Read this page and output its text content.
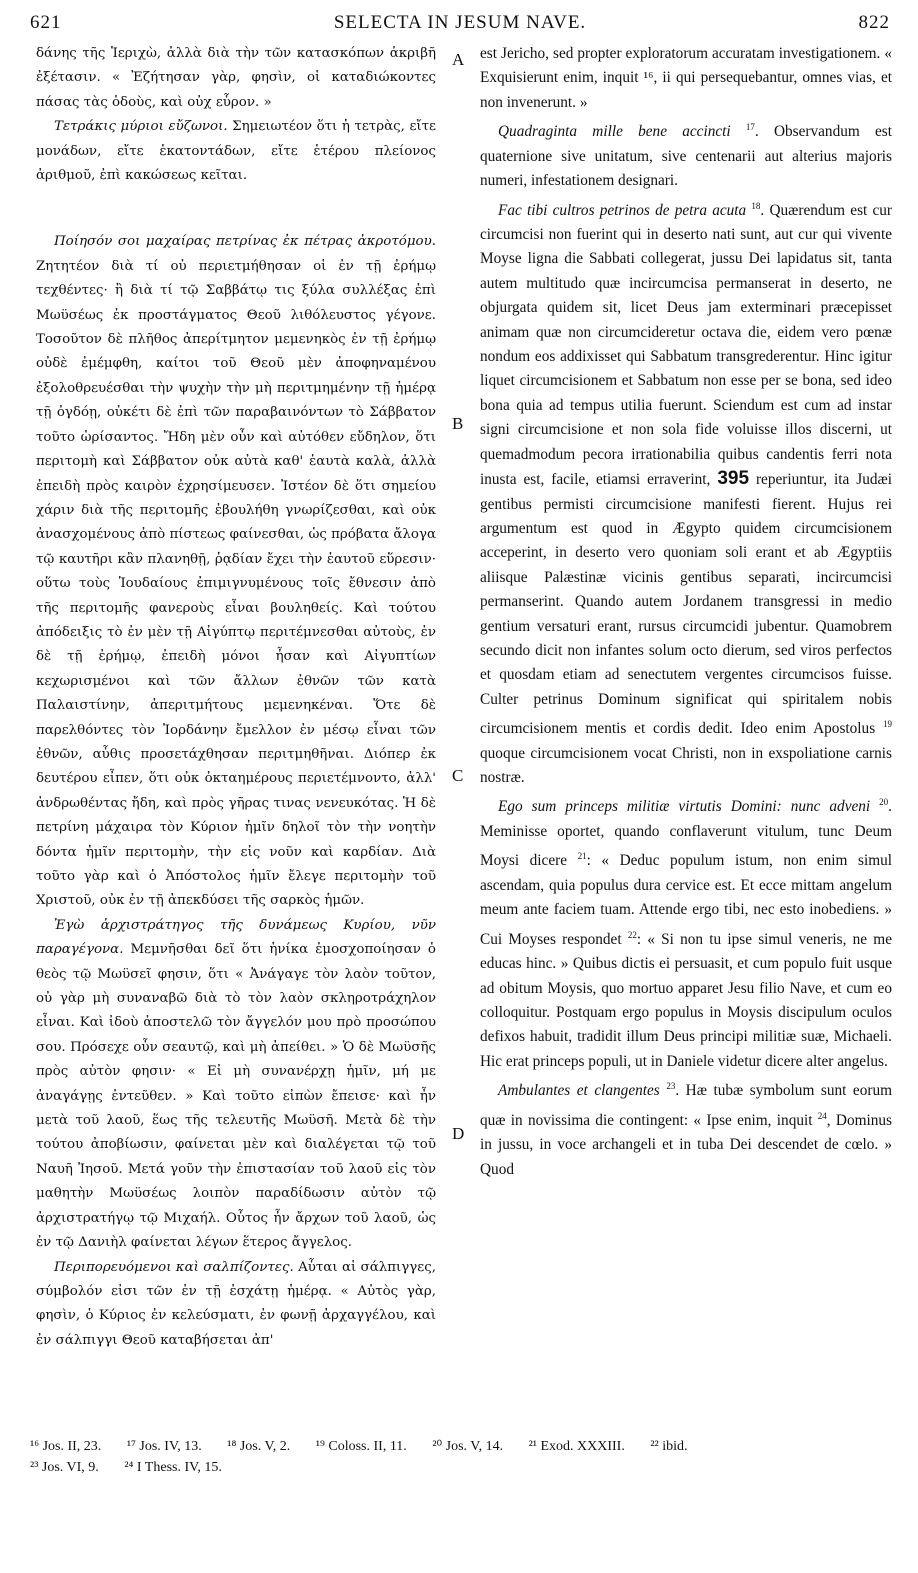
621	SELECTA IN JESUM NAVE.	822
A
B
C
D

δάνης τῆς Ἱεριχὼ, ἀλλὰ διὰ τὴν τῶν κατασκόπων ἀκριβῆ ἐξέτασιν. « Ἐζήτησαν γὰρ, φησὶν, οἱ καταδιώκοντες πάσας τὰς ὁδοὺς, καὶ οὐχ εὗρον. »

Τετράκις μύριοι εὔζωνοι. Σημειωτέον ὅτι ἡ τετρὰς, εἴτε μονάδων, εἴτε ἑκατοντάδων, εἴτε ἑτέρου πλείονος ἀριθμοῦ, ἐπὶ κακώσεως κεῖται.

Ποίησόν σοι μαχαίρας πετρίνας ἐκ πέτρας ἀκροτόμου. Ζητητέον διὰ τί οὐ περιετμήθησαν οἱ ἐν τῇ ἐρήμῳ τεχθέντες· ἢ διὰ τί τῷ Σαββάτῳ τις ξύλα συλλέξας ἐπὶ Μωϋσέως ἐκ προστάγματος Θεοῦ λιθόλευστος γέγονε. Τοσοῦτον δὲ πλῆθος ἀπερίτμητον μεμενηκὸς ἐν τῇ ἐρήμῳ οὐδὲ ἐμέμφθη, καίτοι τοῦ Θεοῦ μὲν ἀποφηναμένου ἐξολοθρευέσθαι τὴν ψυχὴν τὴν μὴ περιτμημένην τῇ ἡμέρᾳ τῇ ὀγδόῃ, οὐκέτι δὲ ἐπὶ τῶν παραβαινόντων τὸ Σάββατον τοῦτο ὡρίσαντος. Ἤδη μὲν οὖν καὶ αὐτόθεν εὔδηλον, ὅτι περιτομὴ καὶ Σάββατον οὐκ αὐτὰ καθ' ἑαυτὰ καλὰ, ἀλλὰ ἐπειδὴ πρὸς καιρὸν ἐχρησίμευσεν. Ἰστέον δὲ ὅτι σημείου χάριν διὰ τῆς περιτομῆς ἐβουλήθη γνωρίζεσθαι, καὶ οὐκ ἀνασχομένους ἀπὸ πίστεως φαίνεσθαι, ὡς πρόβατα ἄλογα τῷ καυτῆρι κἂν πλανηθῇ, ῥᾳδίαν ἔχει τὴν ἑαυτοῦ εὕρεσιν· οὕτω τοὺς Ἰουδαίους ἐπιμιγνυμένους τοῖς ἔθνεσιν ἀπὸ τῆς περιτομῆς φανεροὺς εἶναι βουληθείς. Καὶ τούτου ἀπόδειξις τὸ ἐν μὲν τῇ Αἰγύπτῳ περιτέμνεσθαι αὐτοὺς, ἐν δὲ τῇ ἐρήμῳ, ἐπειδὴ μόνοι ἦσαν καὶ Αἰγυπτίων κεχωρισμένοι καὶ τῶν ἄλλων ἐθνῶν τῶν κατὰ Παλαιστίνην, ἀπεριτμήτους μεμενηκέναι. Ὅτε δὲ παρελθόντες τὸν Ἰορδάνην ἔμελλον ἐν μέσῳ εἶναι τῶν ἐθνῶν, αὖθις προσετάχθησαν περιτμηθῆναι. Διόπερ ἐκ δευτέρου εἶπεν, ὅτι οὐκ ὀκταημέρους περιετέμνοντο, ἀλλ' ἀνδρωθέντας ἤδη, καὶ πρὸς γῆρας τινας νενευκότας. Ἡ δὲ πετρίνη μάχαιρα τὸν Κύριον ἡμῖν δηλοῖ τὸν τὴν νοητὴν δόντα ἡμῖν περιτομὴν, τὴν εἰς νοῦν καὶ καρδίαν. Διὰ τοῦτο γὰρ καὶ ὁ Ἀπόστολος ἡμῖν ἔλεγε περιτομὴν τοῦ Χριστοῦ, οὐκ ἐν τῇ ἀπεκδύσει τῆς σαρκὸς ἡμῶν.

Ἐγὼ ἀρχιστράτηγος τῆς δυνάμεως Κυρίου, νῦν παραγέγονα. Μεμνῆσθαι δεῖ ὅτι ἡνίκα ἐμοσχοποίησαν ὁ θεὸς τῷ Μωϋσεῖ φησιν, ὅτι « Ἀνάγαγε τὸν λαὸν τοῦτον, οὐ γὰρ μὴ συναναβῶ διὰ τὸ τὸν λαὸν σκληροτράχηλον εἶναι. Καὶ ἰδοὺ ἀποστελῶ τὸν ἄγγελόν μου πρὸ προσώπου σου. Πρόσεχε οὖν σεαυτῷ, καὶ μὴ ἀπείθει. » Ὁ δὲ Μωϋσῆς πρὸς αὐτὸν φησιν· « Εἰ μὴ συνανέρχῃ ἡμῖν, μή με ἀναγάγῃς ἐντεῦθεν. » Καὶ τοῦτο εἰπὼν ἔπεισε· καὶ ἦν μετὰ τοῦ λαοῦ, ἕως τῆς τελευτῆς Μωϋσῆ. Μετὰ δὲ τὴν τούτου ἀποβίωσιν, φαίνεται μὲν καὶ διαλέγεται τῷ τοῦ Ναυῆ Ἰησοῦ. Μετά γοῦν τὴν ἐπιστασίαν τοῦ λαοῦ εἰς τὸν μαθητὴν Μωϋσέως λοιπὸν παραδίδωσιν αὐτὸν τῷ ἀρχιστρατήγῳ τῷ Μιχαήλ. Οὗτος ἦν ἄρχων τοῦ λαοῦ, ὡς ἐν τῷ Δανιὴλ φαίνεται λέγων ἕτερος ἄγγελος.

Περιπορευόμενοι καὶ σαλπίζοντες. Αὗται αἱ σάλπιγγες, σύμβολόν εἰσι τῶν ἐν τῇ ἐσχάτῃ ἡμέρᾳ. « Αὐτὸς γὰρ, φησὶν, ὁ Κύριος ἐν κελεύσματι, ἐν φωνῇ ἀρχαγγέλου, καὶ ἐν σάλπιγγι Θεοῦ καταβήσεται ἀπ'

est Jericho, sed propter exploratorum accuratam investigationem. « Exquisierunt enim, inquit ¹⁶, ii qui persequebantur, omnes vias, et non invenerunt. »

Quadraginta mille bene accincti $^{17}$. Observandum est quaternione sive unitatum, sive centenarii aut alterius majoris numeri, infestationem designari.

Fac tibi cultros petrinos de petra acuta $^{18}$. Quærendum est cur circumcisi non fuerint qui in deserto nati sunt, aut cur qui vivente Moyse ligna die Sabbati collegerat, jussu Dei lapidatus sit, tanta autem multitudo quæ incircumcisa permanserat in deserto, ne objurgata quidem sit, licet Deus jam exterminari præcepisset animam quæ non circumcideretur octava die, eidem vero pœnæ nondum eos addixisset qui Sabbatum transgrederentur. Hinc igitur liquet circumcisionem et Sabbatum non esse per se bona, sed ideo bona quia ad tempus utilia fuerunt. Sciendum est cum ad instar signi circumcisione et non sola fide voluisse illos discerni, ut quemadmodum pecora irrationabilia quibus candentis ferri nota inusta est, facile, etiamsi erraverint, 395 reperiuntur, ita Judæi gentibus permisti circumcisione manifesti fierent. Hujus rei argumentum est quod in Ægypto quidem circumcisionem acceperint, in deserto vero quoniam soli erant et ab Ægyptiis aliisque Palæstinæ vicinis gentibus separati, incircumcisi permanserint. Quando autem Jordanem transgressi in medio gentium versaturi erant, rursus circumcidi jubentur. Quamobrem secundo dicit non infantes solum octo dierum, sed viros perfectos et quosdam etiam ad senectutem vergentes circumcisos fuisse. Culter petrinus Dominum significat qui spiritalem nobis circumcisionem mentis et cordis dedit. Ideo enim Apostolus $^{19}$ quoque circumcisionem vocat Christi, non in exspoliatione carnis nostræ.

Ego sum princeps militiæ virtutis Domini: nunc adveni $^{20}$. Meminisse oportet, quando conflaverunt vitulum, tunc Deum Moysi dicere $^{21}$: « Deduc populum istum, non enim simul ascendam, quia populus dura cervice est. Et ecce mittam angelum meum ante faciem tuam. Attende ergo tibi, nec esto inobediens. » Cui Moyses respondet $^{22}$: « Si non tu ipse simul veneris, ne me educas hinc. » Quibus dictis ei persuasit, et cum populo fuit usque ad obitum Moysis, quo mortuo apparet Jesu filio Nave, et cum eo colloquitur. Postquam ergo populus in Moysis discipulum oculos defixos habuit, tradidit illum Deus principi militiæ suæ, Michaeli. Hic erat princeps populi, ut in Daniele videtur dicere alter angelus.

Ambulantes et clangentes $^{23}$. Hæ tubæ symbolum sunt eorum quæ in novissima die contingent: « Ipse enim, inquit $^{24}$, Dominus in jussu, in voce archangeli et in tuba Dei descendet de cœlo. » Quod

¹⁶ Jos. II, 23. ¹⁷ Jos. IV, 13. ¹⁸ Jos. V, 2. ¹⁹ Coloss. II, 11. ²⁰ Jos. V, 14. ²¹ Exod. XXXIII. ²² ibid.
²³ Jos. VI, 9. ²⁴ I Thess. IV, 15.
